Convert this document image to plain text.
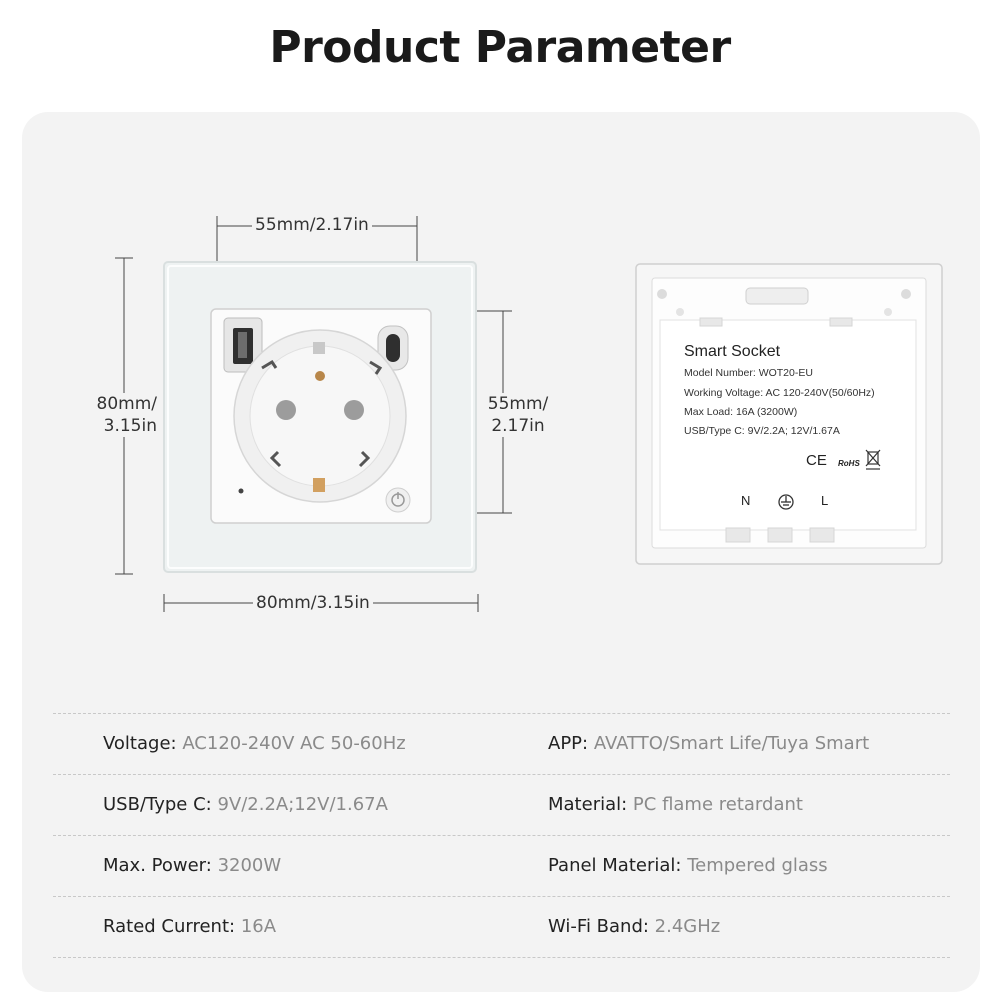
Product Parameter
55mm/2.17in
80mm/
3.15in
55mm/
2.17in
80mm/3.15in
Smart Socket
Model Number: WOT20-EU
Working Voltage: AC 120-240V(50/60Hz)
Max Load: 16A (3200W)
USB/Type C: 9V/2.2A; 12V/1.67A
CE RoHS
N	L
Voltage: AC120-240V AC 50-60Hz	APP: AVATTO/Smart Life/Tuya Smart
USB/Type C: 9V/2.2A;12V/1.67A	Material: PC flame retardant
Max. Power: 3200W	Panel Material: Tempered glass
Rated Current: 16A	Wi-Fi Band: 2.4GHz
